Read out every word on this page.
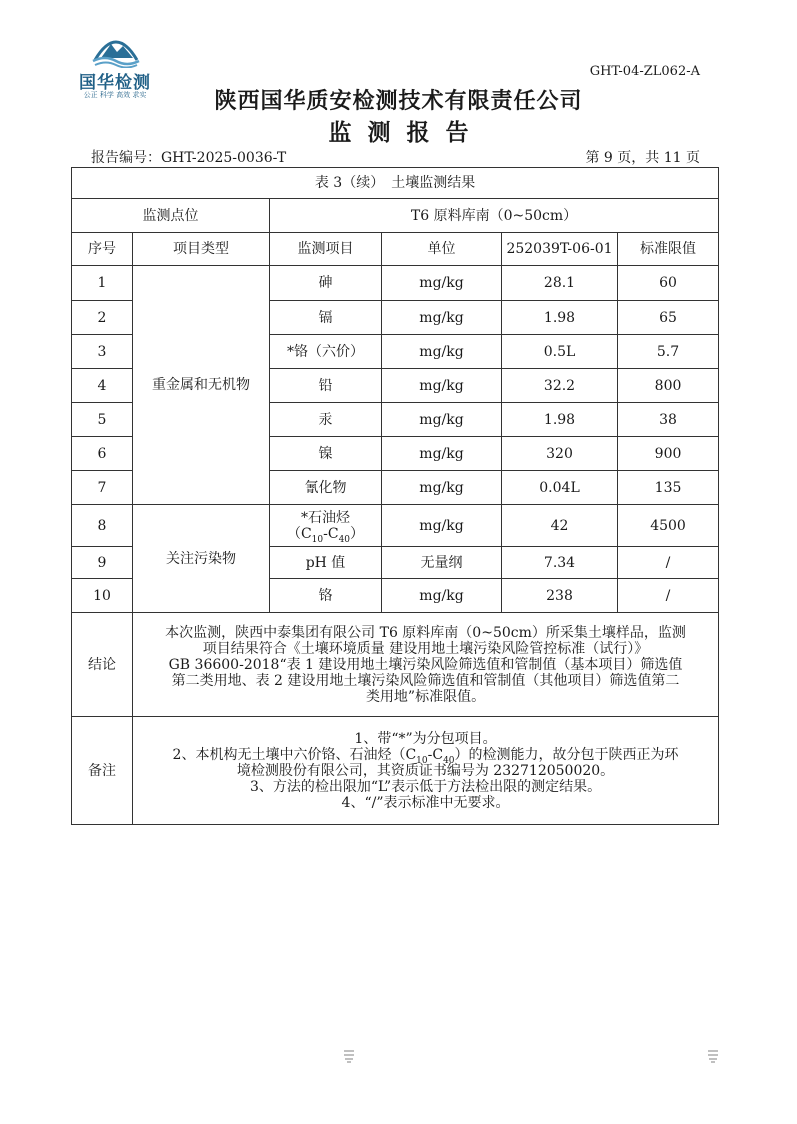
国华检测
公正 科学 高效 求实
GHT-04-ZL062-A
陕西国华质安检测技术有限责任公司
监测报告
报告编号：GHT-2025-0036-T	第 9 页，共 11 页
表 3（续）　土壤监测结果					
监测点位		T6 原料库南（0~50cm）			
序号	项目类型	监测项目	单位	252039T-06-01	标准限值
1	重金属和无机物	砷	mg/kg	28.1	60
2		镉	mg/kg	1.98	65
3		*铬（六价）	mg/kg	0.5L	5.7
4		铅	mg/kg	32.2	800
5		汞	mg/kg	1.98	38
6		镍	mg/kg	320	900
7		氰化物	mg/kg	0.04L	135
8	关注污染物	*石油烃
$(C_{10}-C_{40})$	mg/kg	42	4500
9		pH 值	无量纲	7.34	/
10		铬	mg/kg	238	/
结论	本次监测，陕西中泰集团有限公司 T6 原料库南（0~50cm）所采集土壤样品，监测
项目结果符合《土壤环境质量 建设用地土壤污染风险管控标准（试行）》
GB 36600-2018“表 1 建设用地土壤污染风险筛选值和管制值（基本项目）筛选值
第二类用地、表 2 建设用地土壤污染风险筛选值和管制值（其他项目）筛选值第二
类用地”标准限值。				

备注	1、带“*”为分包项目。
2、本机构无土壤中六价铬、石油烃$(C_{10}-C_{40})$的检测能力，故分包于陕西正为环
境检测股份有限公司，其资质证书编号为 232712050020。
3、方法的检出限加“L”表示低于方法检出限的测定结果。
4、“/”表示标准中无要求。				
